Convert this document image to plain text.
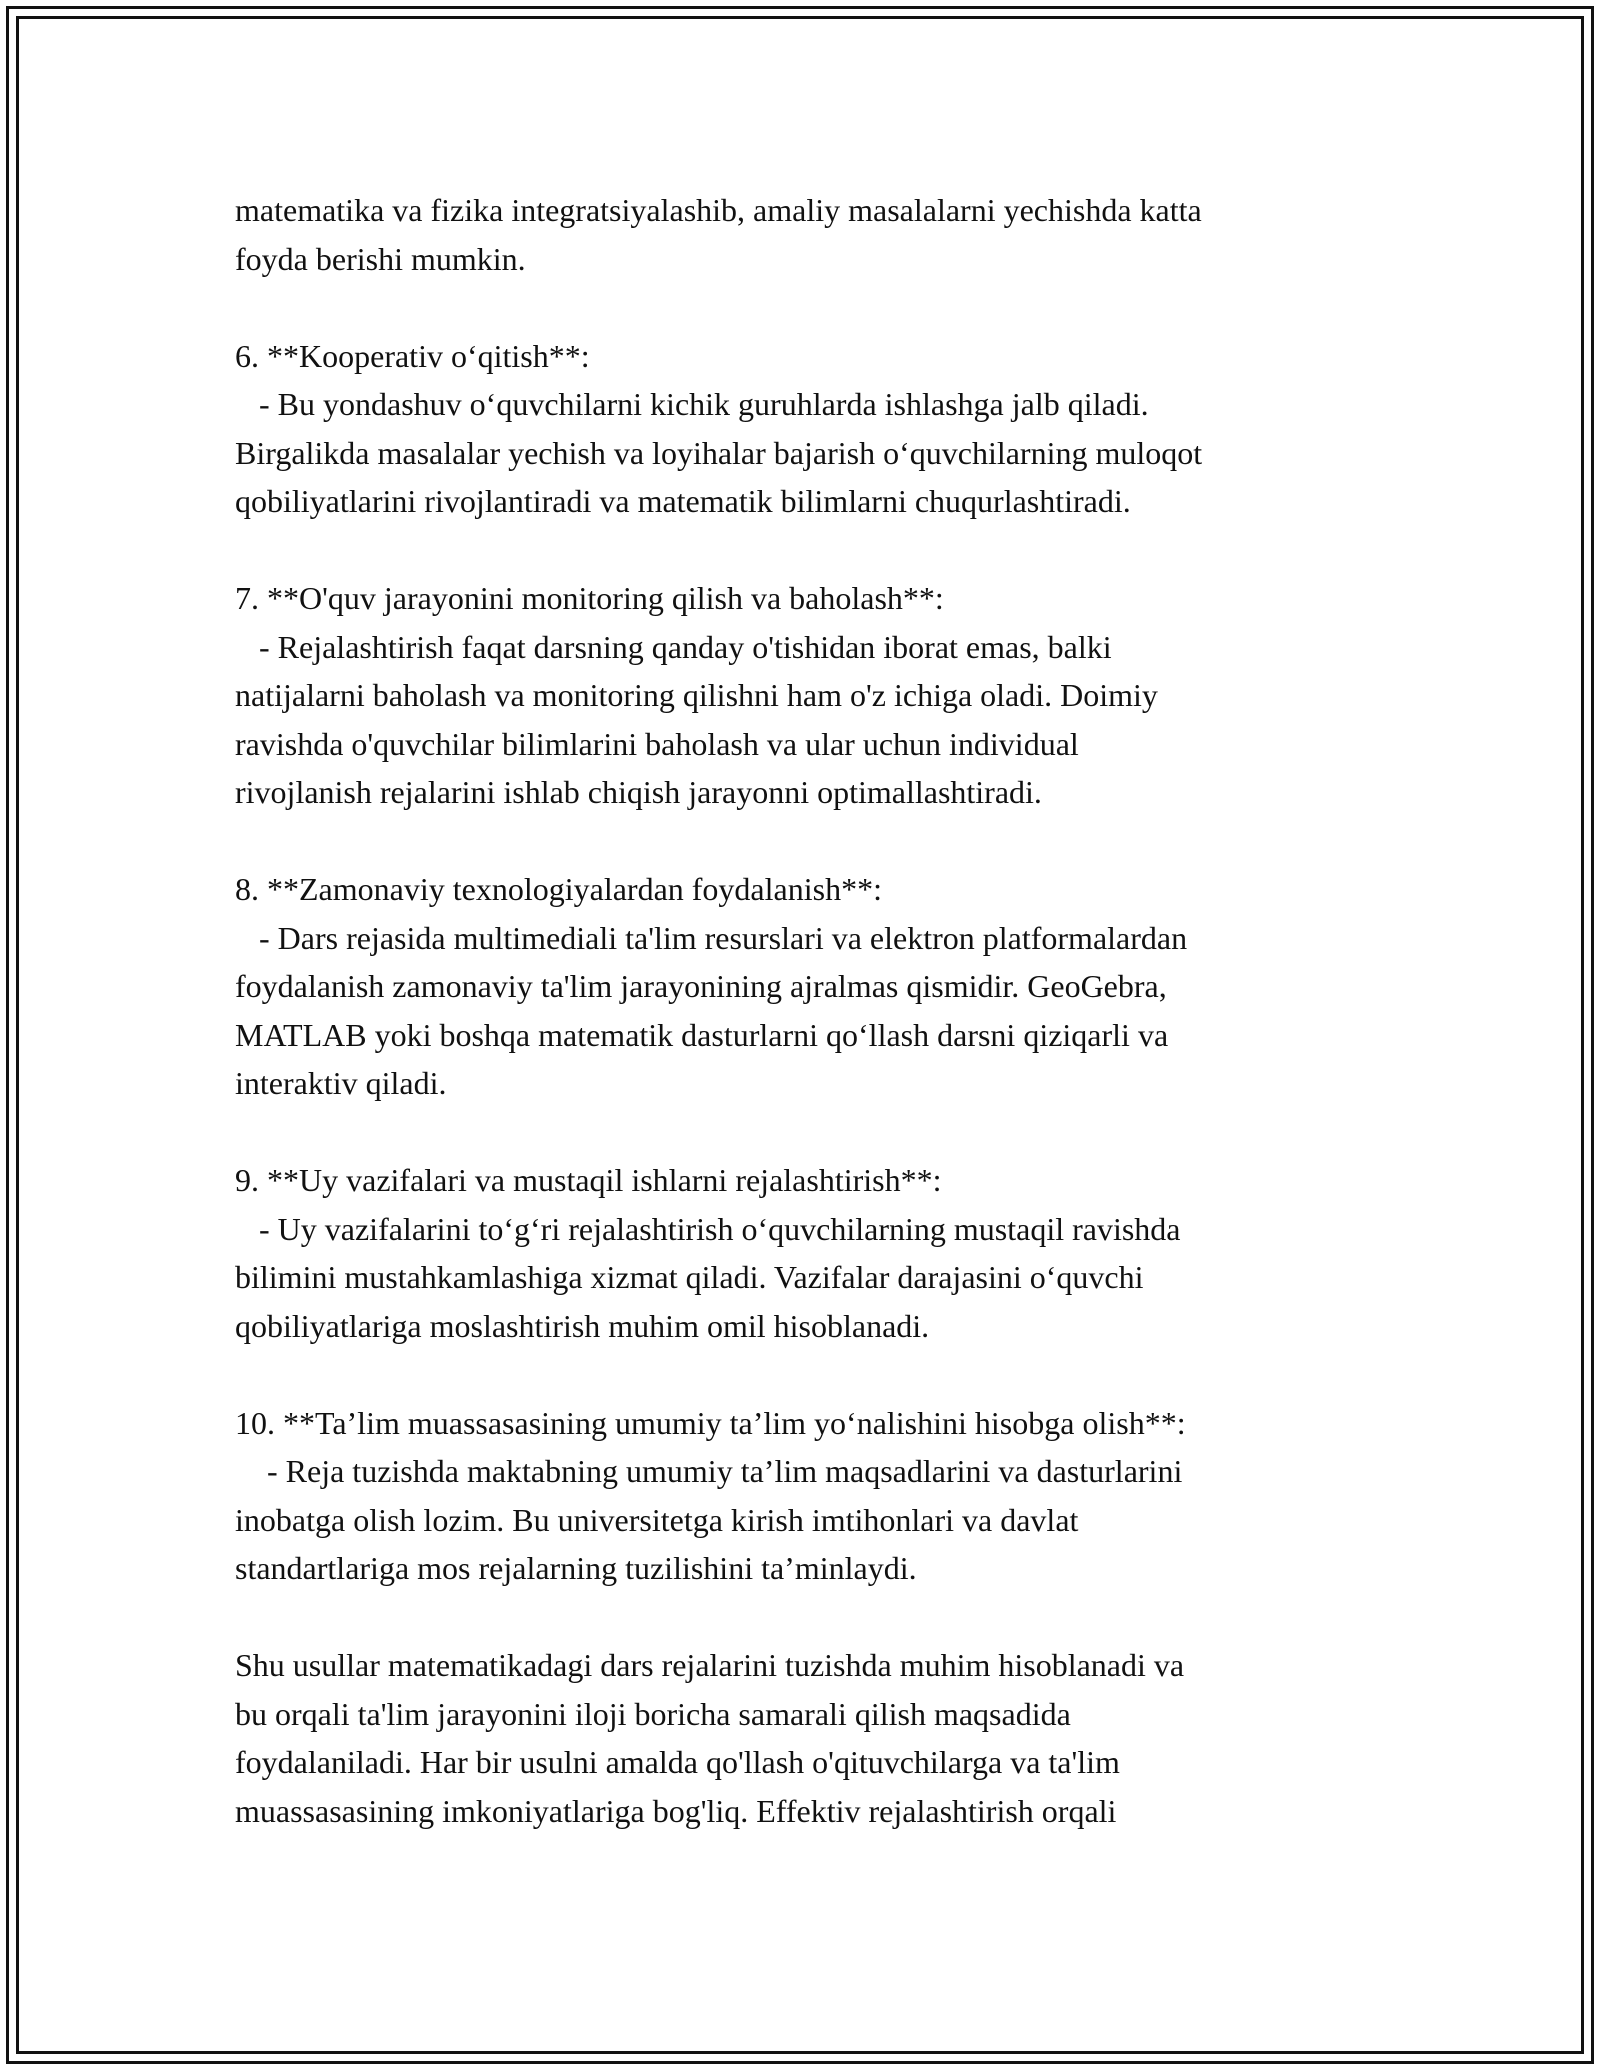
matematika va fizika integratsiyalashib, amaliy masalalarni yechishda katta
foyda berishi mumkin.
6. **Kooperativ o‘qitish**:
- Bu yondashuv o‘quvchilarni kichik guruhlarda ishlashga jalb qiladi.
Birgalikda masalalar yechish va loyihalar bajarish o‘quvchilarning muloqot
qobiliyatlarini rivojlantiradi va matematik bilimlarni chuqurlashtiradi.
7. **O'quv jarayonini monitoring qilish va baholash**:
- Rejalashtirish faqat darsning qanday o'tishidan iborat emas, balki
natijalarni baholash va monitoring qilishni ham o'z ichiga oladi. Doimiy
ravishda o'quvchilar bilimlarini baholash va ular uchun individual
rivojlanish rejalarini ishlab chiqish jarayonni optimallashtiradi.
8. **Zamonaviy texnologiyalardan foydalanish**:
- Dars rejasida multimediali ta'lim resurslari va elektron platformalardan
foydalanish zamonaviy ta'lim jarayonining ajralmas qismidir. GeoGebra,
MATLAB yoki boshqa matematik dasturlarni qo‘llash darsni qiziqarli va
interaktiv qiladi.
9. **Uy vazifalari va mustaqil ishlarni rejalashtirish**:
- Uy vazifalarini to‘g‘ri rejalashtirish o‘quvchilarning mustaqil ravishda
bilimini mustahkamlashiga xizmat qiladi. Vazifalar darajasini o‘quvchi
qobiliyatlariga moslashtirish muhim omil hisoblanadi.
10. **Ta’lim muassasasining umumiy ta’lim yo‘nalishini hisobga olish**:
- Reja tuzishda maktabning umumiy ta’lim maqsadlarini va dasturlarini
inobatga olish lozim. Bu universitetga kirish imtihonlari va davlat
standartlariga mos rejalarning tuzilishini ta’minlaydi.
Shu usullar matematikadagi dars rejalarini tuzishda muhim hisoblanadi va
bu orqali ta'lim jarayonini iloji boricha samarali qilish maqsadida
foydalaniladi. Har bir usulni amalda qo'llash o'qituvchilarga va ta'lim
muassasasining imkoniyatlariga bog'liq. Effektiv rejalashtirish orqali
